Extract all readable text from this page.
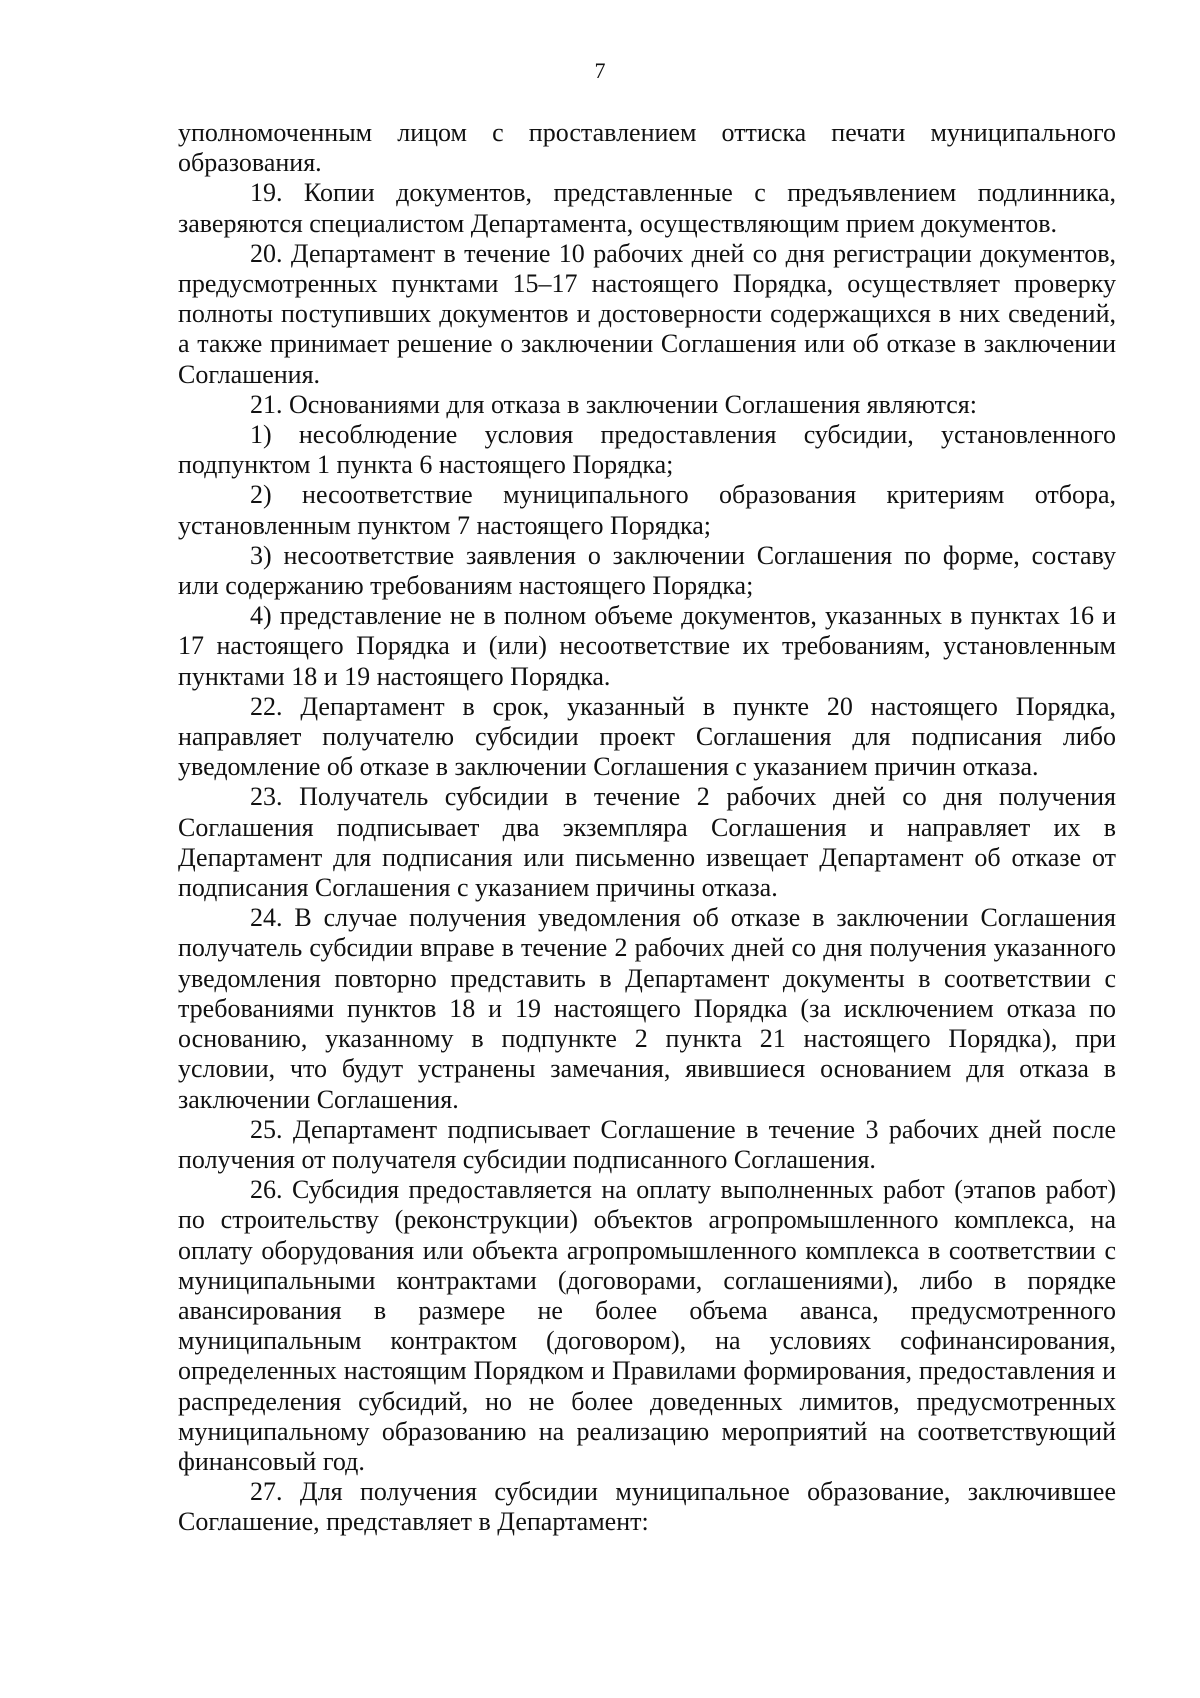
7

уполномоченным лицом с проставлением оттиска печати муниципального образования.

19. Копии документов, представленные с предъявлением подлинника, заверяются специалистом Департамента, осуществляющим прием документов.

20. Департамент в течение 10 рабочих дней со дня регистрации документов, предусмотренных пунктами 15–17 настоящего Порядка, осуществляет проверку полноты поступивших документов и достоверности содержащихся в них сведений, а также принимает решение о заключении Соглашения или об отказе в заключении Соглашения.

21. Основаниями для отказа в заключении Соглашения являются:

1) несоблюдение условия предоставления субсидии, установленного подпунктом 1 пункта 6 настоящего Порядка;

2) несоответствие муниципального образования критериям отбора, установленным пунктом 7 настоящего Порядка;

3) несоответствие заявления о заключении Соглашения по форме, составу или содержанию требованиям настоящего Порядка;

4) представление не в полном объеме документов, указанных в пунктах 16 и 17 настоящего Порядка и (или) несоответствие их требованиям, установленным пунктами 18 и 19 настоящего Порядка.

22. Департамент в срок, указанный в пункте 20 настоящего Порядка, направляет получателю субсидии проект Соглашения для подписания либо уведомление об отказе в заключении Соглашения с указанием причин отказа.

23. Получатель субсидии в течение 2 рабочих дней со дня получения Соглашения подписывает два экземпляра Соглашения и направляет их в Департамент для подписания или письменно извещает Департамент об отказе от подписания Соглашения с указанием причины отказа.

24. В случае получения уведомления об отказе в заключении Соглашения получатель субсидии вправе в течение 2 рабочих дней со дня получения указанного уведомления повторно представить в Департамент документы в соответствии с требованиями пунктов 18 и 19 настоящего Порядка (за исключением отказа по основанию, указанному в подпункте 2 пункта 21 настоящего Порядка), при условии, что будут устранены замечания, явившиеся основанием для отказа в заключении Соглашения.

25. Департамент подписывает Соглашение в течение 3 рабочих дней после получения от получателя субсидии подписанного Соглашения.

26. Субсидия предоставляется на оплату выполненных работ (этапов работ) по строительству (реконструкции) объектов агропромышленного комплекса, на оплату оборудования или объекта агропромышленного комплекса в соответствии с муниципальными контрактами (договорами, соглашениями), либо в порядке авансирования в размере не более объема аванса, предусмотренного муниципальным контрактом (договором), на условиях софинансирования, определенных настоящим Порядком и Правилами формирования, предоставления и распределения субсидий, но не более доведенных лимитов, предусмотренных муниципальному образованию на реализацию мероприятий на соответствующий финансовый год.

27. Для получения субсидии муниципальное образование, заключившее Соглашение, представляет в Департамент:
